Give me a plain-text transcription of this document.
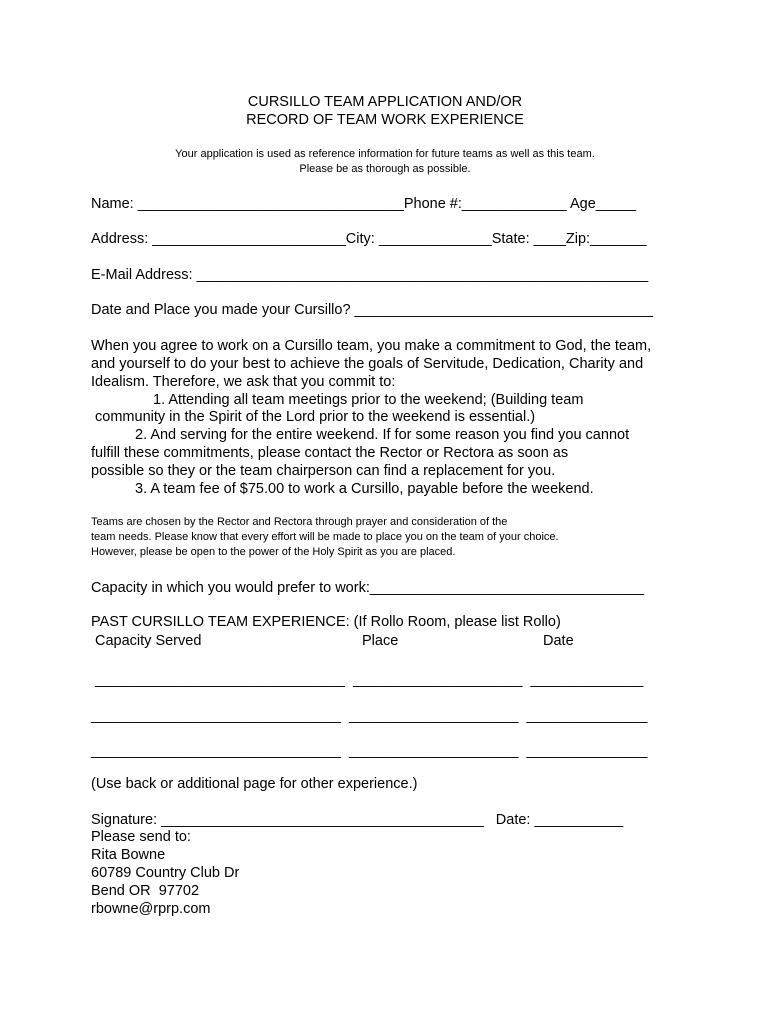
CURSILLO TEAM APPLICATION AND/OR
RECORD OF TEAM WORK EXPERIENCE
Your application is used as reference information for future teams as well as this team.
Please be as thorough as possible.
Name: _________________________________Phone #:_____________ Age_____
Address: ________________________City: ______________State: ____Zip:_______
E-Mail Address: ________________________________________________________
Date and Place you made your Cursillo? _____________________________________
When you agree to work on a Cursillo team, you make a commitment to God, the team,
and yourself to do your best to achieve the goals of Servitude, Dedication, Charity and
Idealism. Therefore, we ask that you commit to:
1. Attending all team meetings prior to the weekend; (Building team
community in the Spirit of the Lord prior to the weekend is essential.)
2. And serving for the entire weekend. If for some reason you find you cannot
fulfill these commitments, please contact the Rector or Rectora as soon as
possible so they or the team chairperson can find a replacement for you.
3. A team fee of $75.00 to work a Cursillo, payable before the weekend.
Teams are chosen by the Rector and Rectora through prayer and consideration of the
team needs. Please know that every effort will be made to place you on the team of your choice.
However, please be open to the power of the Holy Spirit as you are placed.
Capacity in which you would prefer to work:__________________________________
PAST CURSILLO TEAM EXPERIENCE: (If Rollo Room, please list Rollo)
Capacity Served	Place	Date
_______________________________  _____________________  ______________
_______________________________  _____________________  _______________
_______________________________  _____________________  _______________
(Use back or additional page for other experience.)
Signature: ________________________________________   Date: ___________
Please send to:
Rita Bowne
60789 Country Club Dr
Bend OR  97702
rbowne@rprp.com
